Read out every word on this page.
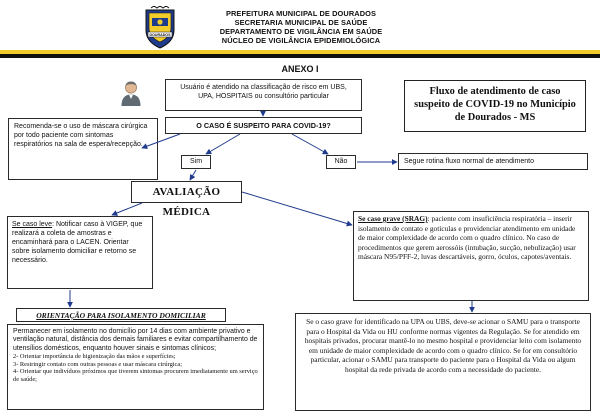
DOURADOS
PREFEITURA MUNICIPAL DE DOURADOS
SECRETARIA MUNICIPAL DE SAÚDE
DEPARTAMENTO DE VIGILÂNCIA EM SAÚDE
NÚCLEO DE VIGILÂNCIA EPIDEMIOLÓGICA
ANEXO I
Fluxo de atendimento de caso suspeito de COVID-19 no Município de Dourados - MS
Usuário é atendido na classificação de risco em UBS, UPA, HOSPITAIS ou consultório particular
O CASO É SUSPEITO PARA COVID-19?
Recomenda-se o uso de máscara cirúrgica por todo paciente com sintomas respiratórios na sala de espera/recepção.
Sim	Não	Segue rotina fluxo normal de atendimento
AVALIAÇÃO MÉDICA
Se caso leve: Notificar caso à VIGEP, que realizará a coleta de amostras e encaminhará para o LACEN. Orientar sobre isolamento domiciliar e retorno se necessário.
Se caso grave (SRAG): paciente com insuficiência respiratória – inserir isolamento de contato e gotículas e providenciar atendimento em unidade de maior complexidade de acordo com o quadro clínico. No caso de procedimentos que gerem aerossóis (intubação, sucção, nebulização) usar máscara N95/PFF-2, luvas descartáveis, gorro, óculos, capotes/aventais.
ORIENTAÇÃO PARA ISOLAMENTO DOMICILIAR
Permanecer em isolamento no domicílio por 14 dias com ambiente privativo e ventilação natural, distância dos demais familiares e evitar compartilhamento de utensílios domésticos, enquanto houver sinais e sintomas clínicos;
2- Orientar importância de higienização das mãos e superfícies;
3- Restringir contato com outras pessoas e usar máscara cirúrgica;
4- Orientar que indivíduos próximos que tiverem sintomas procurem imediatamente um serviço de saúde;
Se o caso grave for identificado na UPA ou UBS, deve-se acionar o SAMU para o transporte para o Hospital da Vida ou HU conforme normas vigentes da Regulação. Se for atendido em hospitais privados, procurar mantê-lo no mesmo hospital e providenciar leito com isolamento em unidade de maior complexidade de acordo com o quadro clínico. Se for em consultório particular, acionar o SAMU para transporte do paciente para o Hospital da Vida ou algum hospital da rede privada de acordo com a necessidade do paciente.
